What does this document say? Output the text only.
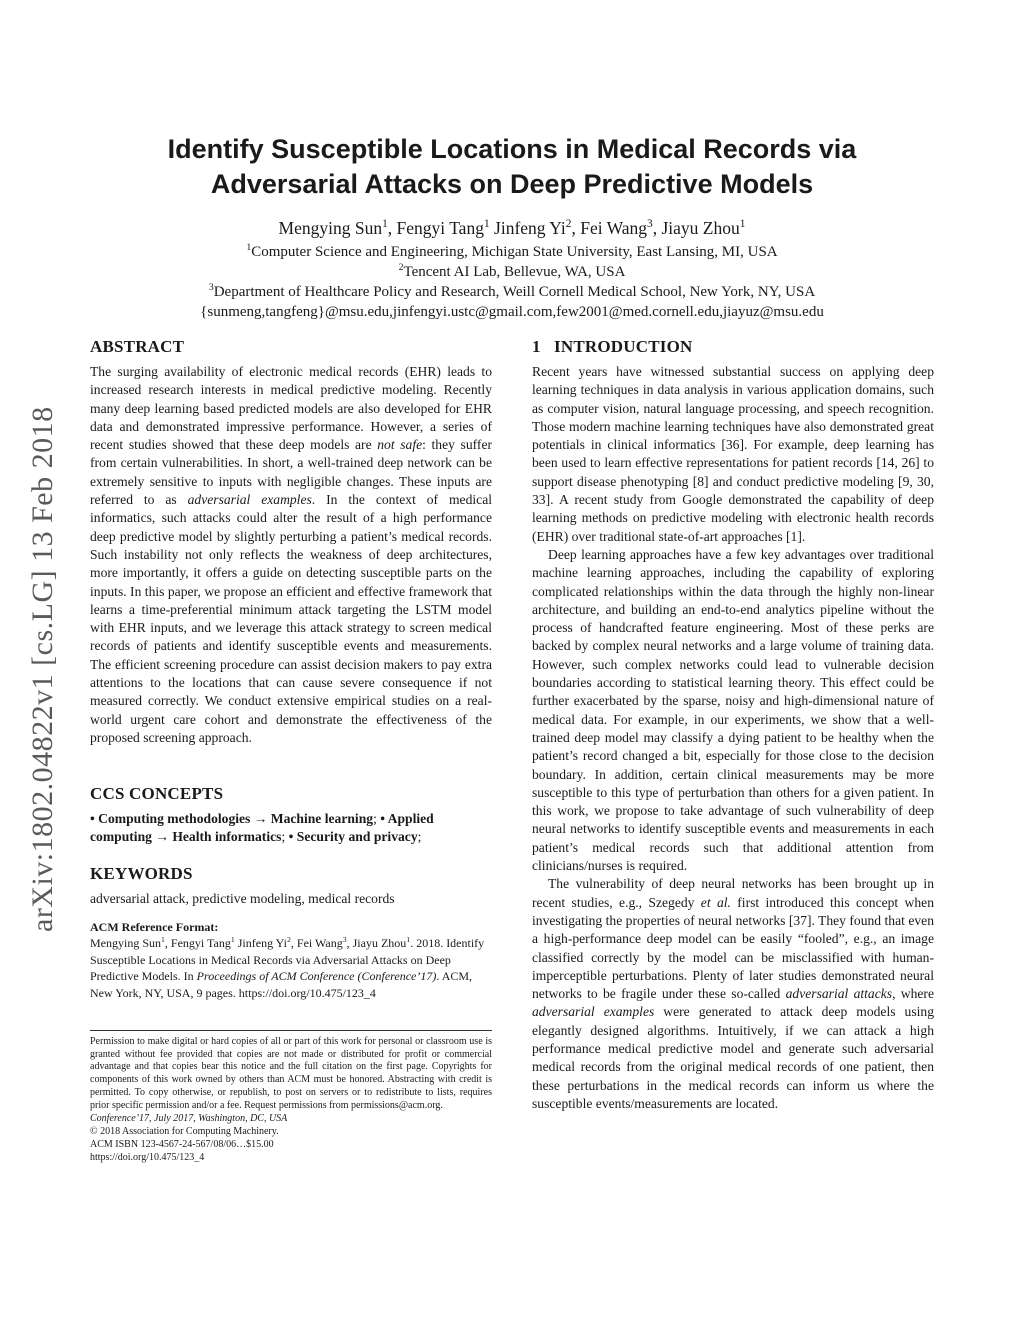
arXiv:1802.04822v1 [cs.LG] 13 Feb 2018
Identify Susceptible Locations in Medical Records via
Adversarial Attacks on Deep Predictive Models
Mengying Sun$^1$, Fengyi Tang$^1$ Jinfeng Yi$^2$, Fei Wang$^3$, Jiayu Zhou$^1$
$^1$Computer Science and Engineering, Michigan State University, East Lansing, MI, USA
$^2$Tencent AI Lab, Bellevue, WA, USA
$^3$Department of Healthcare Policy and Research, Weill Cornell Medical School, New York, NY, USA
{sunmeng,tangfeng}@msu.edu,jinfengyi.ustc@gmail.com,few2001@med.cornell.edu,jiayuz@msu.edu
ABSTRACT

The surging availability of electronic medical records (EHR) leads to increased research interests in medical predictive modeling. Recently many deep learning based predicted models are also developed for EHR data and demonstrated impressive performance. However, a series of recent studies showed that these deep models are not safe: they suffer from certain vulnerabilities. In short, a well-trained deep network can be extremely sensitive to inputs with negligible changes. These inputs are referred to as adversarial examples. In the context of medical informatics, such attacks could alter the result of a high performance deep predictive model by slightly perturbing a patient’s medical records. Such instability not only reflects the weakness of deep architectures, more importantly, it offers a guide on detecting susceptible parts on the inputs. In this paper, we propose an efficient and effective framework that learns a time-preferential minimum attack targeting the LSTM model with EHR inputs, and we leverage this attack strategy to screen medical records of patients and identify susceptible events and measurements. The efficient screening procedure can assist decision makers to pay extra attentions to the locations that can cause severe consequence if not measured correctly. We conduct extensive empirical studies on a real-world urgent care cohort and demonstrate the effectiveness of the proposed screening approach.

CCS CONCEPTS
• Computing methodologies → Machine learning; • Applied computing → Health informatics; • Security and privacy;
KEYWORDS

adversarial attack, predictive modeling, medical records

ACM Reference Format:
Mengying Sun$^1$, Fengyi Tang$^1$ Jinfeng Yi$^2$, Fei Wang$^3$, Jiayu Zhou$^1$. 2018. Identify Susceptible Locations in Medical Records via Adversarial Attacks on Deep Predictive Models. In Proceedings of ACM Conference (Conference’17). ACM, New York, NY, USA, 9 pages. https://doi.org/10.475/123_4
Permission to make digital or hard copies of all or part of this work for personal or classroom use is granted without fee provided that copies are not made or distributed for profit or commercial advantage and that copies bear this notice and the full citation on the first page. Copyrights for components of this work owned by others than ACM must be honored. Abstracting with credit is permitted. To copy otherwise, or republish, to post on servers or to redistribute to lists, requires prior specific permission and/or a fee. Request permissions from permissions@acm.org.
Conference’17, July 2017, Washington, DC, USA
© 2018 Association for Computing Machinery.
ACM ISBN 123-4567-24-567/08/06…$15.00
https://doi.org/10.475/123_4
1   INTRODUCTION

Recent years have witnessed substantial success on applying deep learning techniques in data analysis in various application domains, such as computer vision, natural language processing, and speech recognition. Those modern machine learning techniques have also demonstrated great potentials in clinical informatics [36]. For example, deep learning has been used to learn effective representations for patient records [14, 26] to support disease phenotyping [8] and conduct predictive modeling [9, 30, 33]. A recent study from Google demonstrated the capability of deep learning methods on predictive modeling with electronic health records (EHR) over traditional state-of-art approaches [1].

Deep learning approaches have a few key advantages over traditional machine learning approaches, including the capability of exploring complicated relationships within the data through the highly non-linear architecture, and building an end-to-end analytics pipeline without the process of handcrafted feature engineering. Most of these perks are backed by complex neural networks and a large volume of training data. However, such complex networks could lead to vulnerable decision boundaries according to statistical learning theory. This effect could be further exacerbated by the sparse, noisy and high-dimensional nature of medical data. For example, in our experiments, we show that a well-trained deep model may classify a dying patient to be healthy when the patient’s record changed a bit, especially for those close to the decision boundary. In addition, certain clinical measurements may be more susceptible to this type of perturbation than others for a given patient. In this work, we propose to take advantage of such vulnerability of deep neural networks to identify susceptible events and measurements in each patient’s medical records such that additional attention from clinicians/nurses is required.

The vulnerability of deep neural networks has been brought up in recent studies, e.g., Szegedy et al. first introduced this concept when investigating the properties of neural networks [37]. They found that even a high-performance deep model can be easily “fooled”, e.g., an image classified correctly by the model can be misclassified with human-imperceptible perturbations. Plenty of later studies demonstrated neural networks to be fragile under these so-called adversarial attacks, where adversarial examples were generated to attack deep models using elegantly designed algorithms. Intuitively, if we can attack a high performance medical predictive model and generate such adversarial medical records from the original medical records of one patient, then these perturbations in the medical records can inform us where the susceptible events/measurements are located.
